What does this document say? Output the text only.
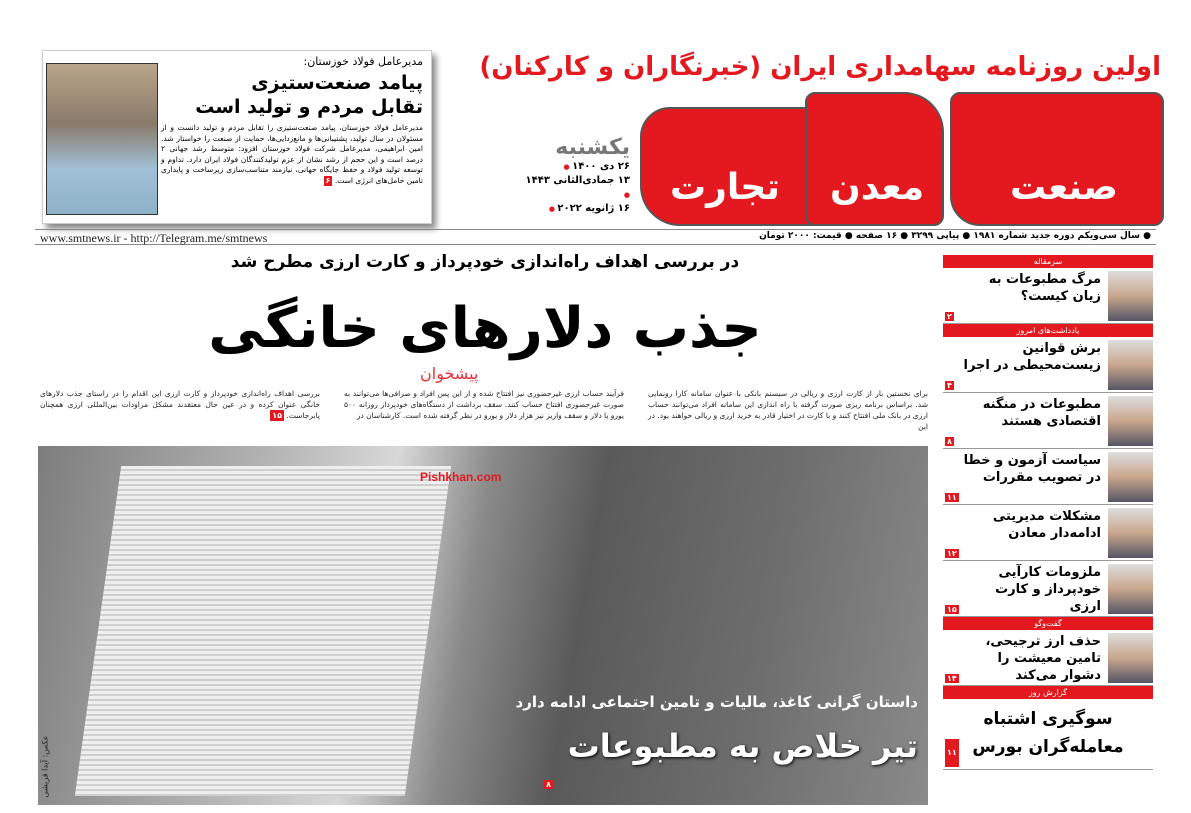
مدیرعامل فولاد خوزستان:
پیامد صنعت‌ستیزی
تقابل مردم و تولید است
مدیرعامل فولاد خوزستان، پیامد صنعت‌ستیزی را تقابل مردم و تولید دانست و از مسئولان در سال تولید، پشتیبانی‌ها و مانع‌زدایی‌ها، حمایت از صنعت را خواستار شد. امین ابراهیمی، مدیرعامل شرکت فولاد خوزستان افزود: متوسط رشد جهانی ۲ درصد است و این حجم از رشد نشان از عزم تولیدکنندگان فولاد ایران دارد. تداوم و توسعه تولید فولاد و حفظ جایگاه جهانی، نیازمند متناسب‌سازی زیرساخت و پایداری تامین حامل‌های انرژی است. ۶
اولین روزنامه سهامداری ایران (خبرنگاران و کارکنان)
تجارت معدن صنعت
یکشنبه
۲۶ دی ۱۴۰۰ ●
۱۳ جمادی‌الثانی ۱۴۴۳ ●
۱۶ ژانویه ۲۰۲۲ ●
● سال سی‌ویکم دوره جدید شماره ۱۹۸۱ ● پیاپی ۳۲۹۹ ● ۱۶ صفحه ● قیمت: ۲۰۰۰ تومان
www.smtnews.ir - http://Telegram.me/smtnews
در بررسی اهداف راه‌اندازی خودپرداز و کارت ارزی مطرح شد
جذب دلارهای خانگی
برای نخستین بار از کارت ارزی و ریالی در سیستم بانکی با عنوان سامانه کارا رونمایی شد. براساس برنامه ریزی صورت گرفته با راه اندازی این سامانه افراد می‌توانند حساب ارزی در بانک ملی افتتاح کنند و با کارت در اختیار قادر به خرید ارزی و ریالی خواهند بود. در این
فرآیند حساب ارزی غیرحضوری نیز افتتاح شده و از این پس افراد و صرافی‌ها می‌توانند به صورت غیرحضوری افتتاح حساب کنند. سقف برداشت از دستگاه‌های خودپرداز روزانه ۵۰۰ یورو یا دلار و سقف واریز نیز هزار دلار و یورو در نظر گرفته شده است. کارشناسان در
بررسی اهداف راه‌اندازی خودپرداز و کارت ارزی این اقدام را در راستای جذب دلارهای خانگی عنوان کرده و در عین حال معتقدند مشکل مراودات بین‌المللی ارزی همچنان پابرجاست. ۱۵
پیشخوان
داستان گرانی کاغذ، مالیات و تامین اجتماعی ادامه دارد
تیر خلاص به مطبوعات
۸
عکس: آیدا قریشی
Pishkhan.com
سرمقاله
مرگ مطبوعات به زیان کیست؟
۲
یادداشت‌های امروز
برش قوانین زیست‌محیطی در اجرا
۴
مطبوعات در منگنه اقتصادی هستند
۸
سیاست آزمون و خطا در تصویب مقررات
۱۱
مشکلات مدیریتی ادامه‌دار معادن
۱۲
ملزومات کارآیی خودپرداز و کارت ارزی
۱۵
گفت‌وگو
حذف ارز ترجیحی، تامین معیشت را دشوار می‌کند
۱۴
گزارش روز
سوگیری اشتباه معامله‌گران بورس
۱۱
